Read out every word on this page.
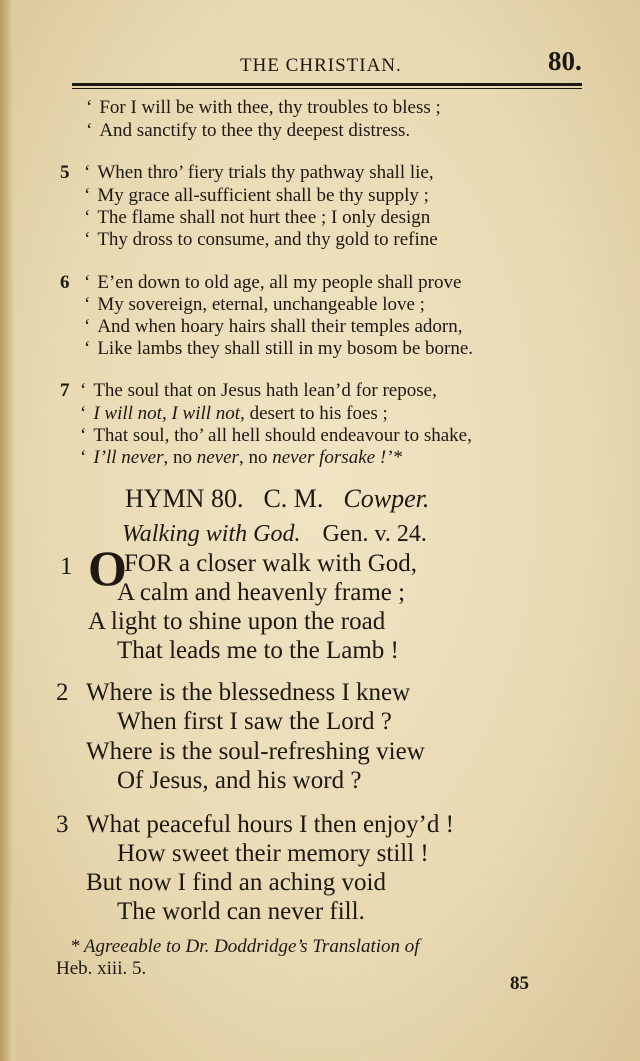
THE CHRISTIAN.	80.
‘ For I will be with thee, thy troubles to bless ;
‘ And sanctify to thee thy deepest distress.
5 ‘ When thro’ fiery trials thy pathway shall lie,
‘ My grace all-sufficient shall be thy supply ;
‘ The flame shall not hurt thee ; I only design
‘ Thy dross to consume, and thy gold to refine
6 ‘ E’en down to old age, all my people shall prove
‘ My sovereign, eternal, unchangeable love ;
‘ And when hoary hairs shall their temples adorn,
‘ Like lambs they shall still in my bosom be borne.
7 ‘ The soul that on Jesus hath lean’d for repose,
‘ I will not, I will not, desert to his foes ;
‘ That soul, tho’ all hell should endeavour to shake,
‘ I’ll never, no never, no never forsake !’*
HYMN 80. C. M. Cowper.
Walking with God. Gen. v. 24.
1 O
FOR a closer walk with God,
A calm and heavenly frame ;
A light to shine upon the road
That leads me to the Lamb !
2 Where is the blessedness I knew
When first I saw the Lord ?
Where is the soul-refreshing view
Of Jesus, and his word ?
3 What peaceful hours I then enjoy’d !
How sweet their memory still !
But now I find an aching void
The world can never fill.
* Agreeable to Dr. Doddridge’s Translation of
Heb. xiii. 5.
85
